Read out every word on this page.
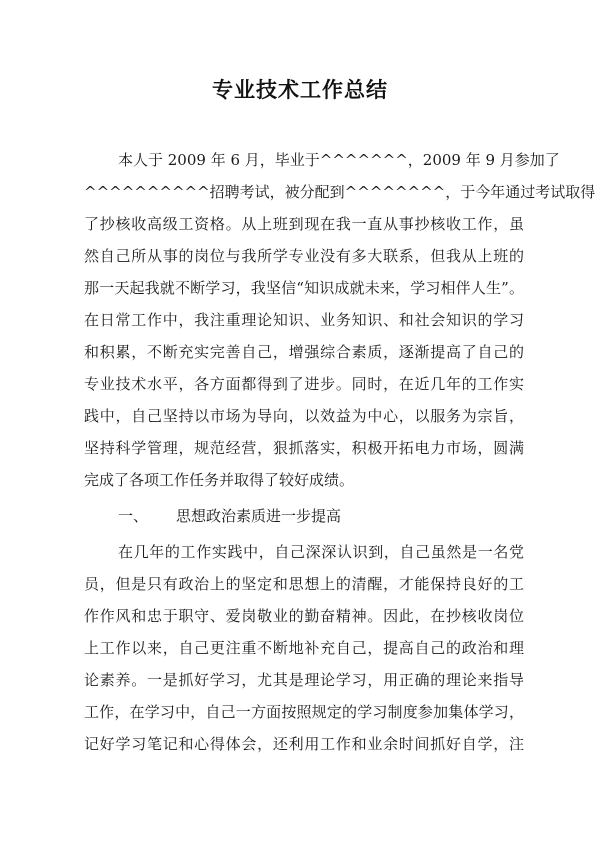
专业技术工作总结
本人于 2009 年 6 月，毕业于^^^^^^^，2009 年 9 月参加了
^^^^^^^^^^招聘考试，被分配到^^^^^^^^，于今年通过考试取得
了抄核收高级工资格。从上班到现在我一直从事抄核收工作，虽
然自己所从事的岗位与我所学专业没有多大联系，但我从上班的
那一天起我就不断学习，我坚信“知识成就未来，学习相伴人生”。
在日常工作中，我注重理论知识、业务知识、和社会知识的学习
和积累，不断充实完善自己，增强综合素质，逐渐提高了自己的
专业技术水平，各方面都得到了进步。同时，在近几年的工作实
践中，自己坚持以市场为导向，以效益为中心，以服务为宗旨，
坚持科学管理，规范经营，狠抓落实，积极开拓电力市场，圆满
完成了各项工作任务并取得了较好成绩。
一、 思想政治素质进一步提高
在几年的工作实践中，自己深深认识到，自己虽然是一名党
员，但是只有政治上的坚定和思想上的清醒，才能保持良好的工
作作风和忠于职守、爱岗敬业的勤奋精神。因此，在抄核收岗位
上工作以来，自己更注重不断地补充自己，提高自己的政治和理
论素养。一是抓好学习，尤其是理论学习，用正确的理论来指导
工作，在学习中，自己一方面按照规定的学习制度参加集体学习，
记好学习笔记和心得体会，还利用工作和业余时间抓好自学，注
